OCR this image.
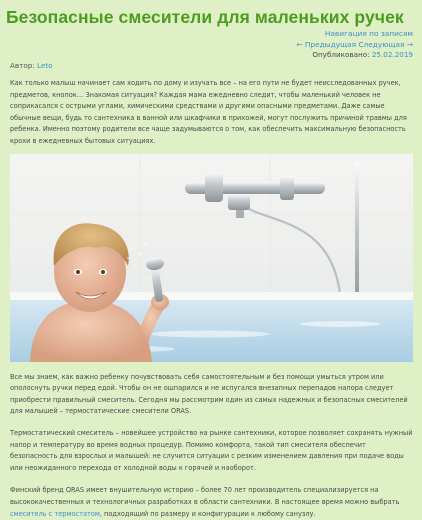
Безопасные смесители для маленьких ручек
Навигация по записям
← Предыдущая Следующая →
Автор: Leto
Опубликовано: 25.02.2019

Как только малыш начинает сам ходить по дому и изучать все – на его пути не будет неисследованных ручек, предметов, кнопок… Знакомая ситуация? Каждая мама ежедневно следит, чтобы маленький человек не соприкасался с острыми углами, химическими средствами и другими опасными предметами. Даже самые обычные вещи, будь то сантехника в ванной или шкафчики в прихожей, могут послужить причиной травмы для ребенка. Именно поэтому родители все чаще задумываются о том, как обеспечить максимальную безопасность крохи в ежедневных бытовых ситуациях.

Все мы знаем, как важно ребенку почувствовать себя самостоятельным и без помощи умыться утром или ополоснуть ручки перед едой. Чтобы он не ошпарился и не испугался внезапных перепадов напора следует приобрести правильный смеситель. Сегодня мы рассмотрим один из самых надежных и безопасных смесителей для малышей – термостатические смесители ORAS.

Термостатический смеситель – новейшее устройство на рынке сантехники, которое позволяет сохранять нужный напор и температуру во время водных процедур. Помимо комфорта, такой тип смесителя обеспечит безопасность для взрослых и малышей: не случится ситуации с резким изменением давления при подаче воды или неожиданного перехода от холодной воды к горячей и наоборот.

Финский бренд ORAS имеет внушительную историю – более 70 лет производитель специализируется на высококачественных и технологичных разработках в области сантехники. В настоящее время можно выбрать смеситель с термостатом, подходящий по размеру и конфигурации к любому санузлу.
